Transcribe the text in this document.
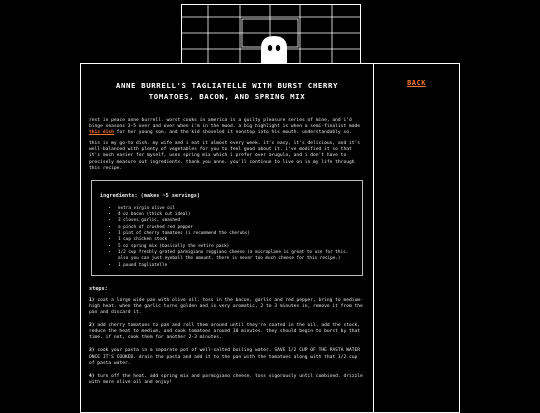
ANNE BURRELL'S TAGLIATELLE WITH BURST CHERRY TOMATOES, BACON, AND SPRING MIX

rest in peace anne burrell. worst cooks in america is a guilty pleasure series of mine, and i'd binge seasons 3-5 over and over when i'm in the mood. a big highlight is when a semi-finalist made this dish for her young son, and the kid shoveled it nonstop into his mouth. understandably so.

this is my go-to dish. my wife and i eat it almost every week. it's easy, it's delicious, and it's well-balanced with plenty of vegetables for you to feel good about it. i've modified it so that it's much easier for myself, uses spring mix which i prefer over arugula, and i don't have to precisely measure out ingredients. thank you anne. you'll continue to live on in my life through this recipe.

ingredients: (makes ~5 servings)
• extra virgin olive oil
• 4 oz bacon (thick cut ideal)
• 3 cloves garlic, smashed
• a pinch of crushed red pepper
• 1 pint of cherry tomatoes (i recommend the cherubs)
• 1 cup chicken stock
• 5 oz spring mix (basically the entire pack)
• 1/2 cup freshly grated parmigiano reggiano cheese (a microplane is great to use for this. also you can just eyeball the amount. there is never too much cheese for this recipe.)
• 1 pound tagliatelle

steps:

1) coat a large wide pan with olive oil. toss in the bacon, garlic and red pepper, bring to medium-high heat. when the garlic turns golden and is very aromatic, 2 to 3 minutes in, remove it from the pan and discard it.

2) add cherry tomatoes to pan and roll them around until they're coated in the oil. add the stock, reduce the heat to medium, and cook tomatoes around 10 minutes. they should begin to burst by that time. if not, cook them for another 2-3 minutes.

3) cook your pasta in a separate pot of well-salted boiling water. SAVE 1/2 CUP OF THE PASTA WATER ONCE IT'S COOKED. drain the pasta and add it to the pan with the tomatoes along with that 1/2 cup of pasta water.

4) turn off the heat. add spring mix and parmigiano cheese. toss vigorously until combined. drizzle with more olive oil and enjoy!

BACK
